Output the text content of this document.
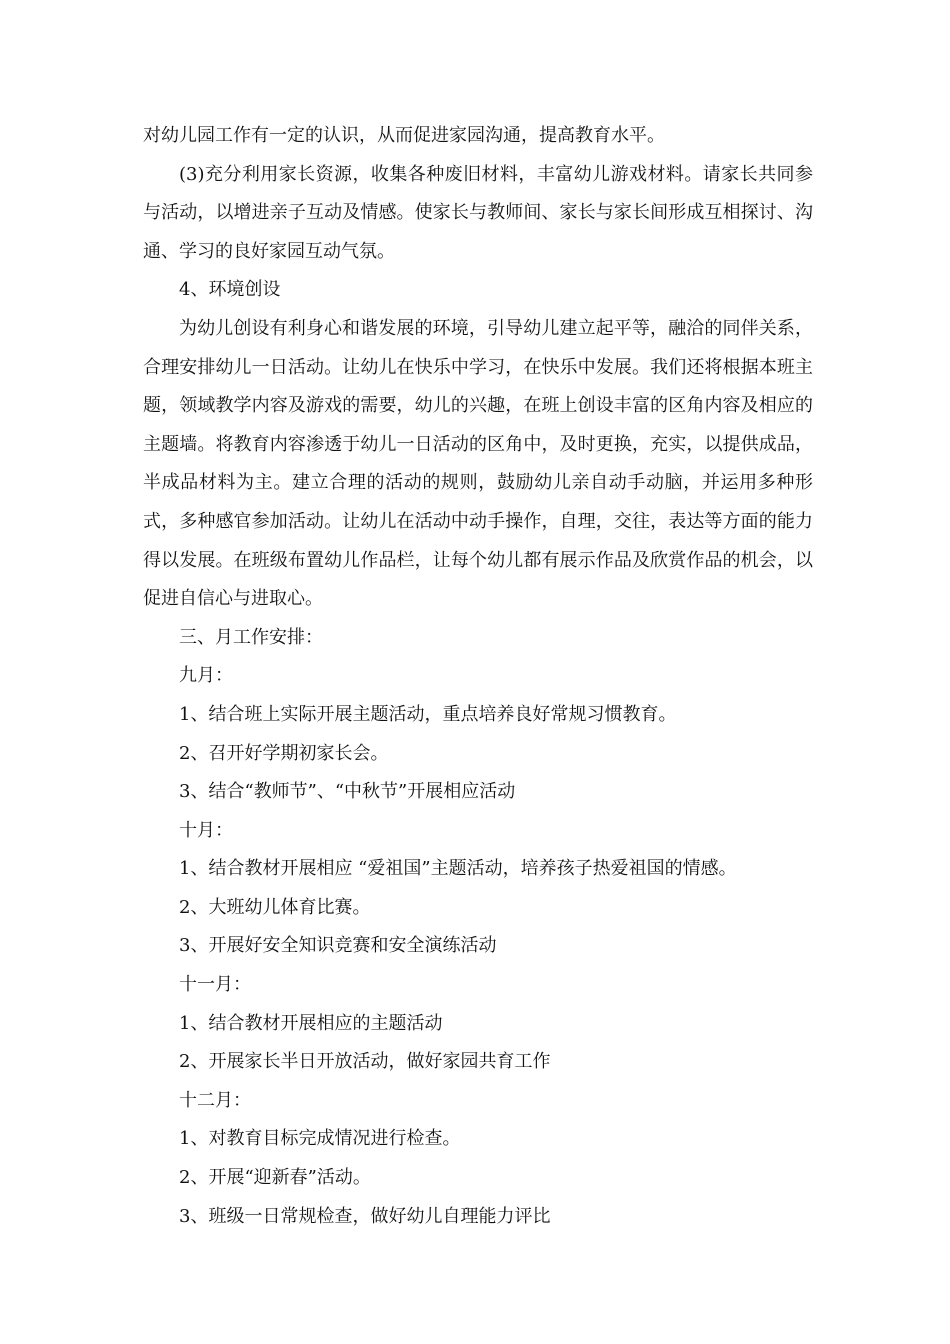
对幼儿园工作有一定的认识，从而促进家园沟通，提高教育水平。

(3)充分利用家长资源，收集各种废旧材料，丰富幼儿游戏材料。请家长共同参与活动，以增进亲子互动及情感。使家长与教师间、家长与家长间形成互相探讨、沟通、学习的良好家园互动气氛。

4、环境创设

为幼儿创设有利身心和谐发展的环境，引导幼儿建立起平等，融洽的同伴关系，合理安排幼儿一日活动。让幼儿在快乐中学习，在快乐中发展。我们还将根据本班主题，领域教学内容及游戏的需要，幼儿的兴趣，在班上创设丰富的区角内容及相应的主题墙。将教育内容渗透于幼儿一日活动的区角中，及时更换，充实，以提供成品，半成品材料为主。建立合理的活动的规则，鼓励幼儿亲自动手动脑，并运用多种形式，多种感官参加活动。让幼儿在活动中动手操作，自理，交往，表达等方面的能力得以发展。在班级布置幼儿作品栏，让每个幼儿都有展示作品及欣赏作品的机会，以促进自信心与进取心。

三、月工作安排：

九月：

1、结合班上实际开展主题活动，重点培养良好常规习惯教育。

2、召开好学期初家长会。

3、结合“教师节”、“中秋节”开展相应活动

十月：

1、结合教材开展相应 “爱祖国”主题活动，培养孩子热爱祖国的情感。

2、大班幼儿体育比赛。

3、开展好安全知识竞赛和安全演练活动

十一月：

1、结合教材开展相应的主题活动

2、开展家长半日开放活动，做好家园共育工作

十二月：

1、对教育目标完成情况进行检查。

2、开展“迎新春”活动。

3、班级一日常规检查，做好幼儿自理能力评比
